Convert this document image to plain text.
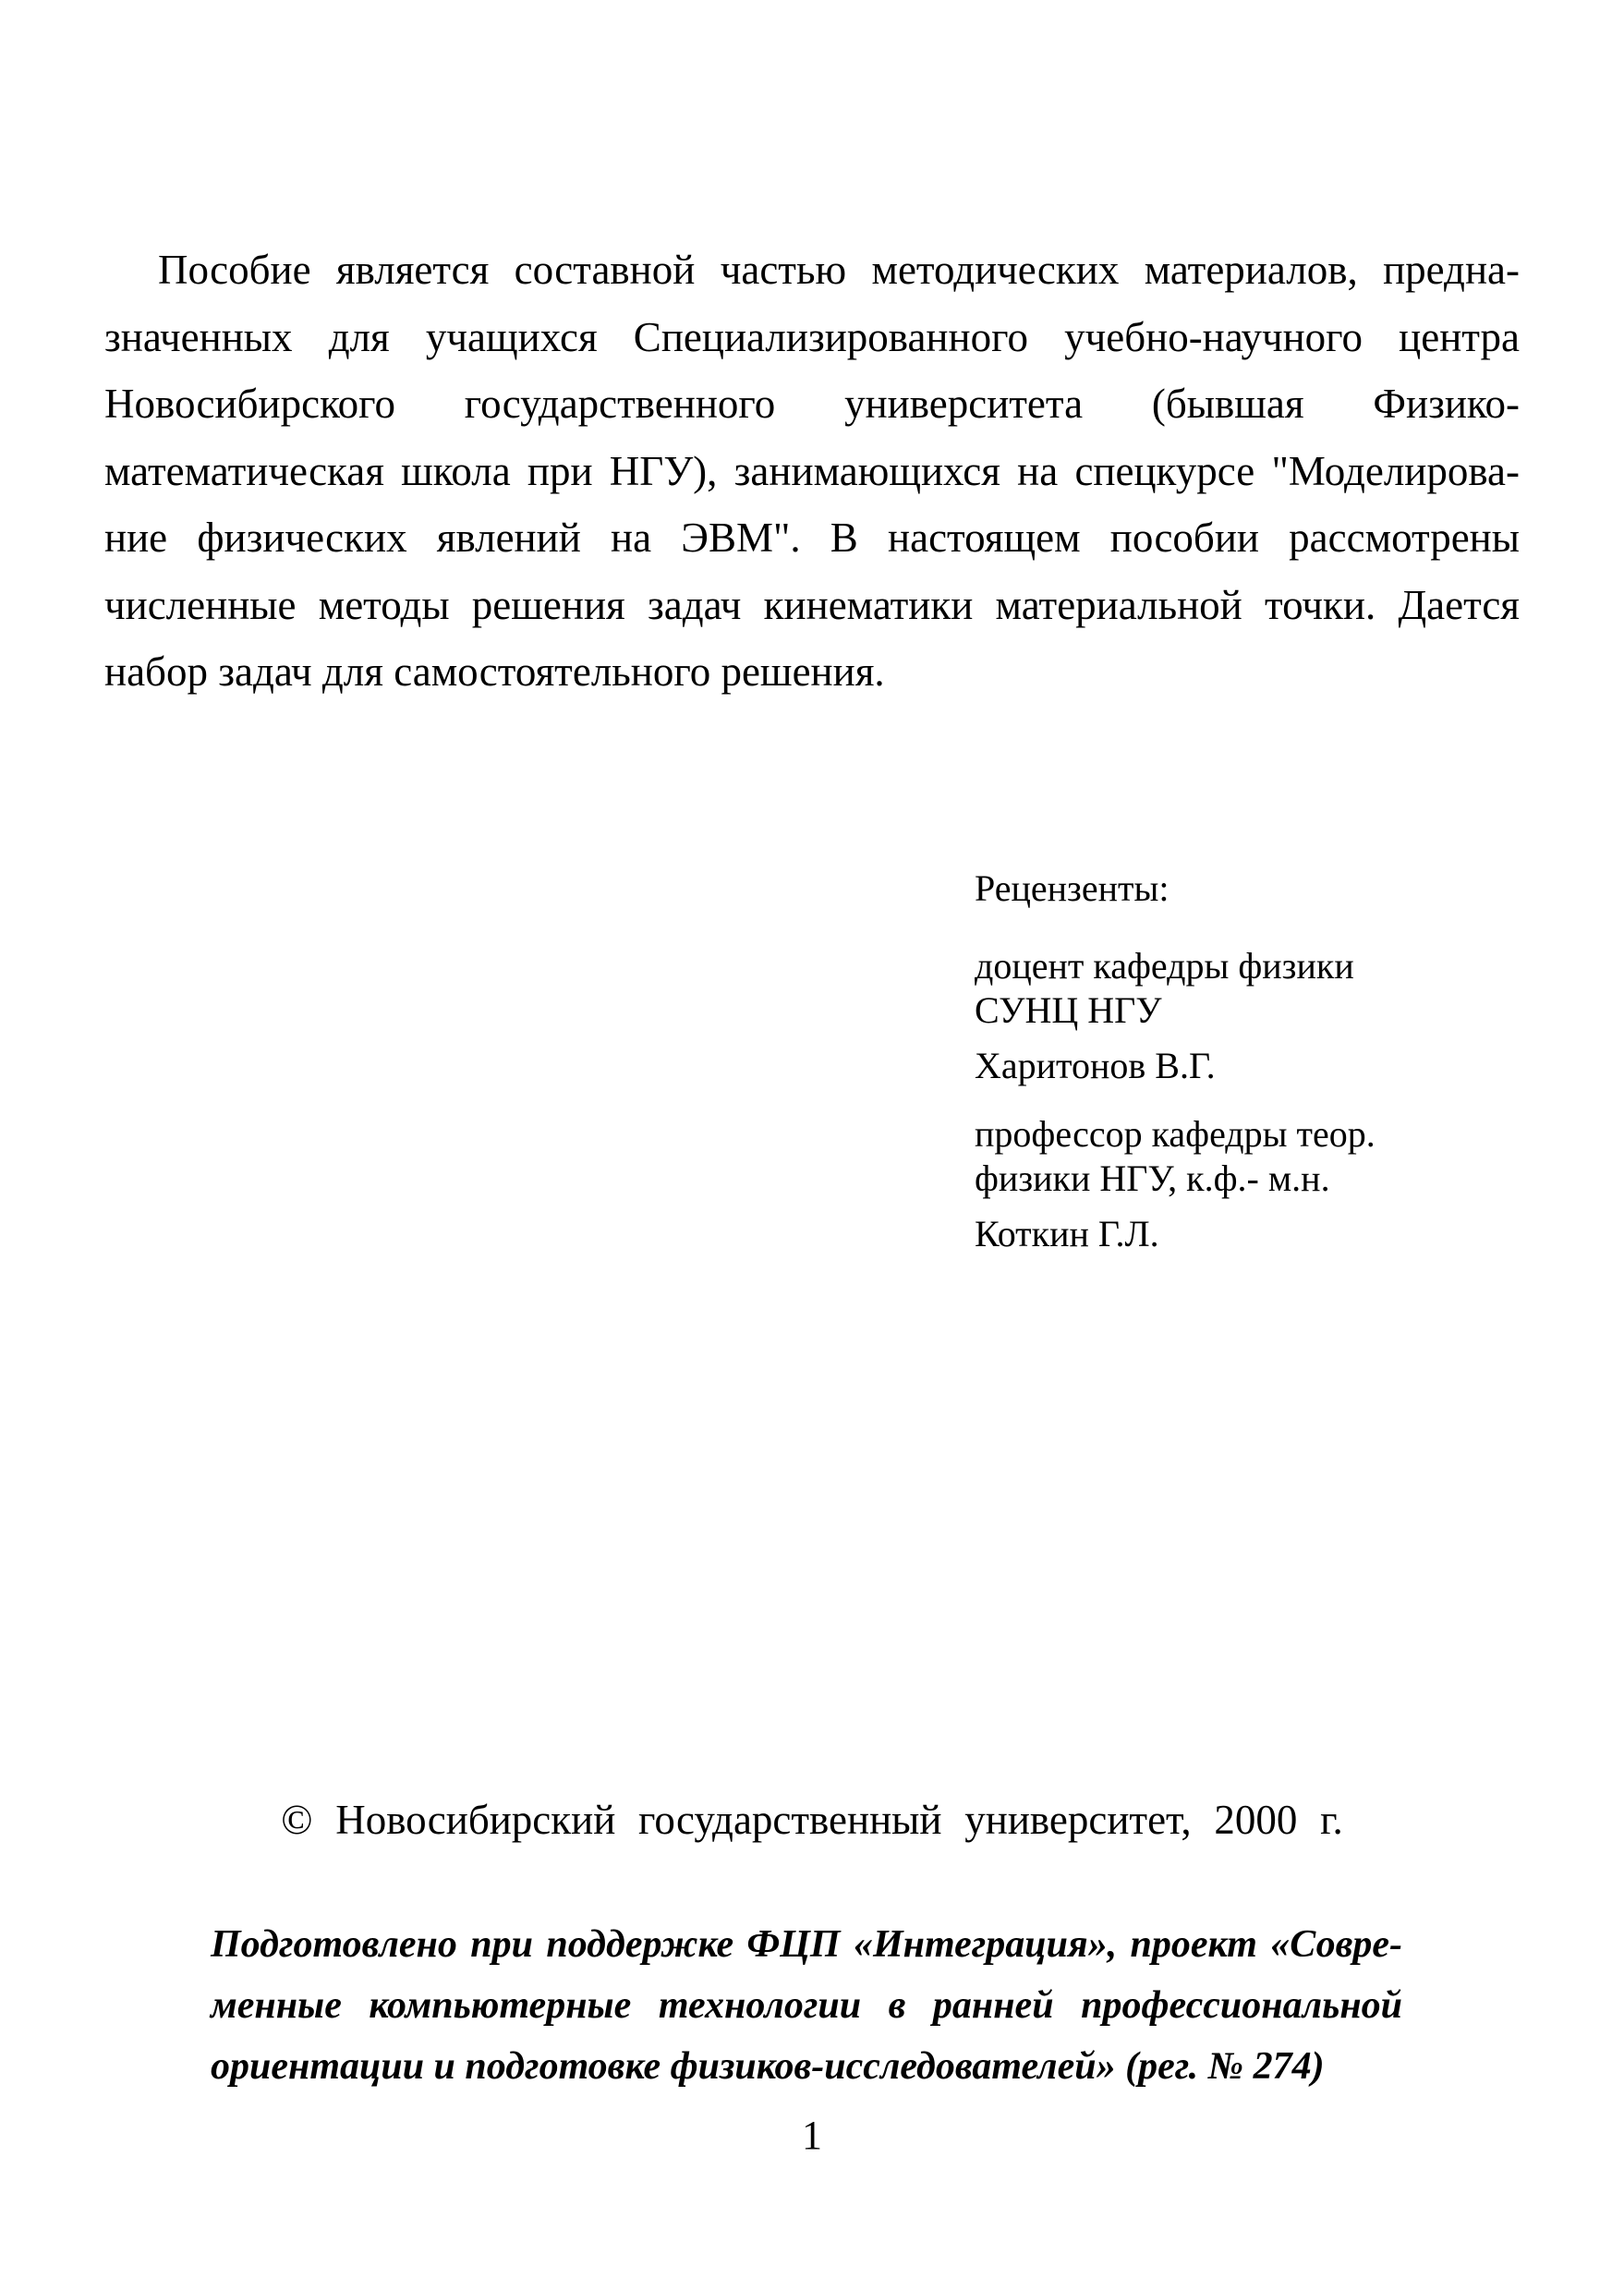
Пособие является составной частью методических материалов, предна-
значенных для учащихся Специализированного учебно-научного центра
Новосибирского государственного университета (бывшая Физико-
математическая школа при НГУ), занимающихся на спецкурсе "Моделирова-
ние физических явлений на ЭВМ". В настоящем пособии рассмотрены
численные методы решения задач кинематики материальной точки. Дается
набор задач для самостоятельного решения.
Рецензенты:
доцент кафедры физики
СУНЦ НГУ
Харитонов В.Г.
профессор кафедры теор.
физики НГУ, к.ф.- м.н.
Коткин Г.Л.
© Новосибирский государственный университет, 2000 г.
Подготовлено при поддержке ФЦП «Интеграция», проект «Совре-
менные компьютерные технологии в ранней профессиональной
ориентации и подготовке физиков-исследователей» (рег. № 274)
1
